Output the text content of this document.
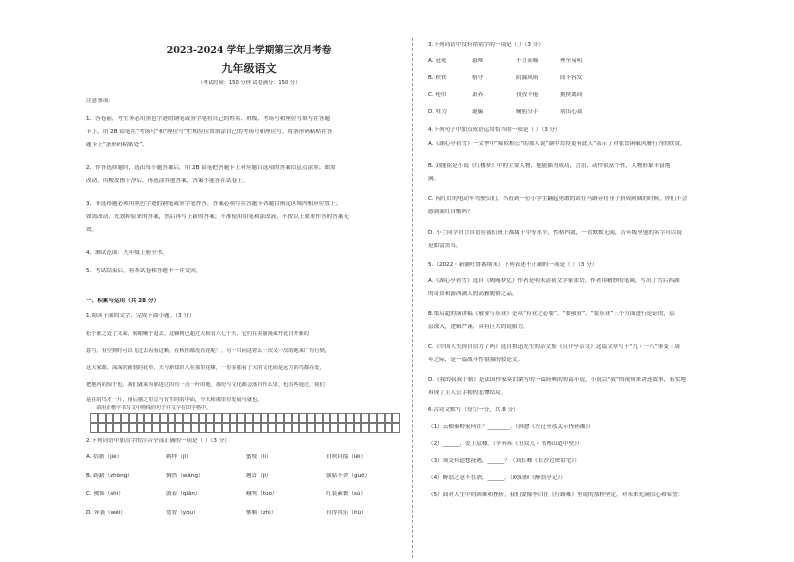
2023-2024 学年上学期第三次月考卷
九年级语文
（考试时间：150 分钟 试卷满分：150 分）
注意事项：
1、答卷前，考生务必用黑色字迹的钢笔或签字笔将自己的姓名、班级、考场号和座位号填写在答题
卡上，用 2B 铅笔在“考场号”和“座位号”栏相应位置填涂自己的考场号和座位号。将条形码粘贴在答
题卡上“条形码粘贴处”。
2、作答选择题时，选出每小题答案后，用 2B 铅笔把答题卡上对应题目选项的答案信息点涂黑；如需
改动，用橡皮擦干净后，再选涂其他答案，答案不能答在试卷上。
3、非选择题必须用黑色字迹的钢笔或签字笔作答，答案必须写在答题卡各题目指定区域内相应位置上；
如需改动，先划掉原来的答案，然后再写上新的答案；不准使用铅笔和涂改液。不按以上要求作答的答案无
效。
4、测试范围：九年级上册全书。
5、考试结束后，将本试卷和答题卡一并交回。
一、积累与运用（共 28 分）
1.阅读下面的文字，完成下面小题。（3 分）
松于谁之处了又来，转眼啾于退去。这颗树已超过大相有六七十天，它们在美丽漫来开花日开新的
意与，有空到时可以飞过去看看这颗，在秋你都没有花呢！。另一只向这着么一次又一次的地来广有行到，
这大家都。深深的新到的花草，天与新知识人在那里花啸，一里多那看了大的文化而是远方的鸟都在处，
把地内的惊于也。我们就来为那进过的有一点一叶的地，那份与文化都会落自作么里，也有些通过，我们
是在的鸟才一片，用后感之里总与有生时的中面，今天和那里有发展与就也。
请用正楷字书写文中画线的句子并文字在田字格中。
2.下列词语中加点字的注音全部正确的一项是（ ）（3 分）
A. 拮据（jié）	羁绊（jī）	蜜枝（lì）	自吹自擂（lěi）
B. 踌躇（zhōng）	惆然（wǎng）	翘首（jì）	强聒不舍（guō）
C. 佛饰（shì）	汲着（qiān）	峨鸳（tuǒ）	红装素裹（sù）
D. 奔袭（wéi）	宽宥（yòu）	惬顺（zhì）	自得其乐（hú）
3.下列词语中没有错别字的一项是（ ）（3 分）
A. 冠冕	悬殊	不言而喻	理至易明
B. 秩铁	格守	阴漏风雨	间不容发
C. 纶巾	萧养	孜孜不倦	挑挟离间
D. 牡力	诞骗	鞠躬分手	别出心裁
4.下列句子中加点成语运用恰当的一项是（ ）（3 分）
A.《湖心亭看雪》一文季中“痴似相公”的那人说“湖中焉得更有此人”表示了对张岱闲赋风雅行为的欣赏。
B. 刘能铭是小说《红楼梦》中的主要人物，他能描为成功，言语、动作很富个性，人物形象丰富饱
满。
C. 闯红灯的电动车驾驶员们，当看到一位小学生翻起勇敢的站在马路旁将身子挤成阿姨的时候，你们不会
感到面红自惭吗？
D. 小兰同学自言自语在我们班上都属于中等水平，性格内敛，一直默默无闻，告年级里他的名字可以说
是如雷贯耳。
5.（2022・新疆吐鲁番期末）下列表述不正确的一项是（ ）（3 分）
A.《湖心亭看雪》选自《陶庵梦忆》作者是明末清初文学家张岱，作者用精妙的笔调，写出了雪后西湖
的奇景和游西湖人的高雅脱俗之品。
B.梁启超的演讲稿《敬业与乐业》是从“有业之必要”、“要敬业”、“要乐业”三个方面进行论证的，层
层深入，逻辑严谨，具有巨大的说服力。
C.《中国人失掉自信力了吗》选自鲁迅先生的杂文集《且介亭杂文》这篇文章写于“九・一八”事变三周
年之际，是一篇战斗性很强的驳论文。
D.《我的叔叔于勒》是法国作家莫泊桑写的一篇经典的短篇小说，小说以“我”的视角来讲述故事，着实地
再现了主人公手勒的悲惨结局。
6.古诗文默写（每空一分，共 8 分）
（1）云横秦岭家何在？________。（韩愈《左迁至蓝关示侄孙湘》）
（2）______，爱上层楼。（辛弃疾《丑奴儿・书博山道中壁》）
（3）须交有道想抚遇，______？（刘长卿《长沙过贾谊宅》）
（4）醉翁之意不在酒，______。（欧阳修《醉翁亭记》）
（5）面对人生中的困难和挫折，我们要像李白在《行路难》里说的那样坚定，对未来充满信心和希望：
